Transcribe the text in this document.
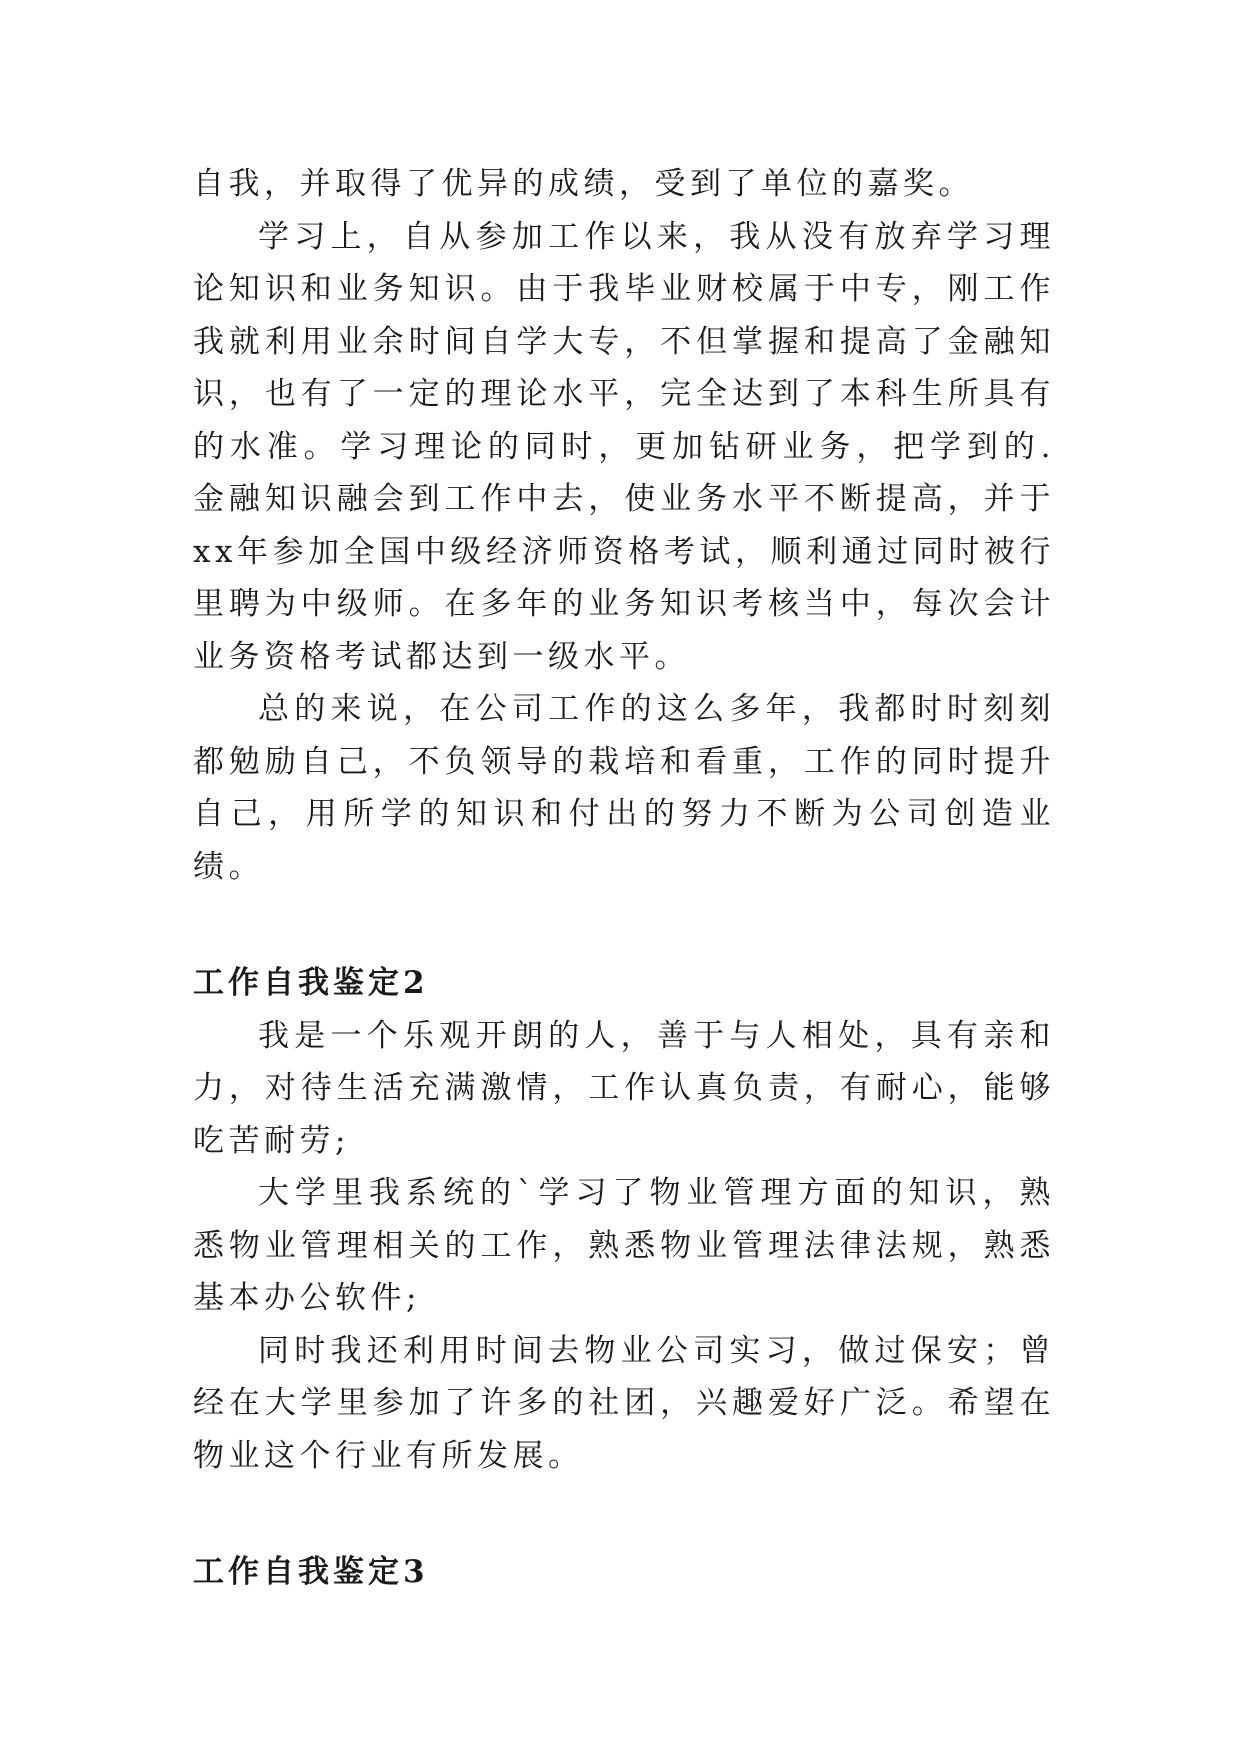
自我，并取得了优异的成绩，受到了单位的嘉奖。

学习上，自从参加工作以来，我从没有放弃学习理论知识和业务知识。由于我毕业财校属于中专，刚工作我就利用业余时间自学大专，不但掌握和提高了金融知识，也有了一定的理论水平，完全达到了本科生所具有的水准。学习理论的同时，更加钻研业务，把学到的.金融知识融会到工作中去，使业务水平不断提高，并于xx年参加全国中级经济师资格考试，顺利通过同时被行里聘为中级师。在多年的业务知识考核当中，每次会计业务资格考试都达到一级水平。

总的来说，在公司工作的这么多年，我都时时刻刻都勉励自己，不负领导的栽培和看重，工作的同时提升自己，用所学的知识和付出的努力不断为公司创造业绩。

工作自我鉴定2

我是一个乐观开朗的人，善于与人相处，具有亲和力，对待生活充满激情，工作认真负责，有耐心，能够吃苦耐劳;

大学里我系统的`学习了物业管理方面的知识，熟悉物业管理相关的工作，熟悉物业管理法律法规，熟悉基本办公软件;

同时我还利用时间去物业公司实习，做过保安；曾经在大学里参加了许多的社团，兴趣爱好广泛。希望在物业这个行业有所发展。

工作自我鉴定3
